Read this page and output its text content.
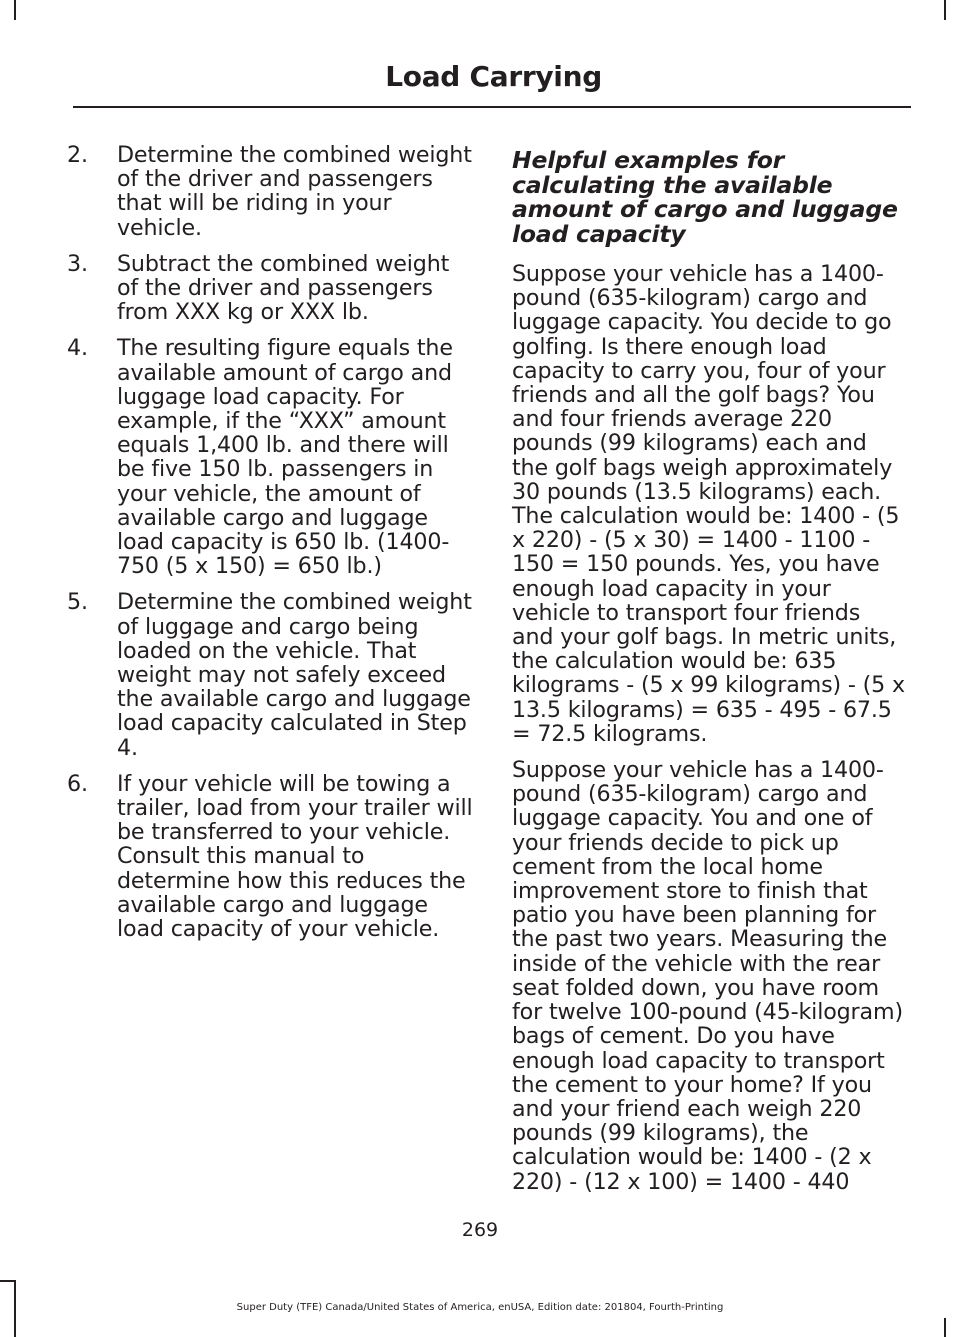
Load Carrying
2. Determine the combined weight of the driver and passengers that will be riding in your vehicle.
3. Subtract the combined weight of the driver and passengers from XXX kg or XXX lb.
4. The resulting figure equals the available amount of cargo and luggage load capacity. For example, if the “XXX” amount equals 1,400 lb. and there will be five 150 lb. passengers in your vehicle, the amount of available cargo and luggage load capacity is 650 lb. (1400-750 (5 x 150) = 650 lb.)
5. Determine the combined weight of luggage and cargo being loaded on the vehicle. That weight may not safely exceed the available cargo and luggage load capacity calculated in Step 4.
6. If your vehicle will be towing a trailer, load from your trailer will be transferred to your vehicle. Consult this manual to determine how this reduces the available cargo and luggage load capacity of your vehicle.
Helpful examples for calculating the available amount of cargo and luggage load capacity

Suppose your vehicle has a 1400-pound (635-kilogram) cargo and luggage capacity. You decide to go golfing. Is there enough load capacity to carry you, four of your friends and all the golf bags? You and four friends average 220 pounds (99 kilograms) each and the golf bags weigh approximately 30 pounds (13.5 kilograms) each. The calculation would be: 1400 - (5 x 220) - (5 x 30) = 1400 - 1100 - 150 = 150 pounds. Yes, you have enough load capacity in your vehicle to transport four friends and your golf bags. In metric units, the calculation would be: 635 kilograms - (5 x 99 kilograms) - (5 x 13.5 kilograms) = 635 - 495 - 67.5 = 72.5 kilograms.

Suppose your vehicle has a 1400-pound (635-kilogram) cargo and luggage capacity. You and one of your friends decide to pick up cement from the local home improvement store to finish that patio you have been planning for the past two years. Measuring the inside of the vehicle with the rear seat folded down, you have room for twelve 100-pound (45-kilogram) bags of cement. Do you have enough load capacity to transport the cement to your home? If you and your friend each weigh 220 pounds (99 kilograms), the calculation would be: 1400 - (2 x 220) - (12 x 100) = 1400 - 440

269
Super Duty (TFE) Canada/United States of America, enUSA, Edition date: 201804, Fourth-Printing
